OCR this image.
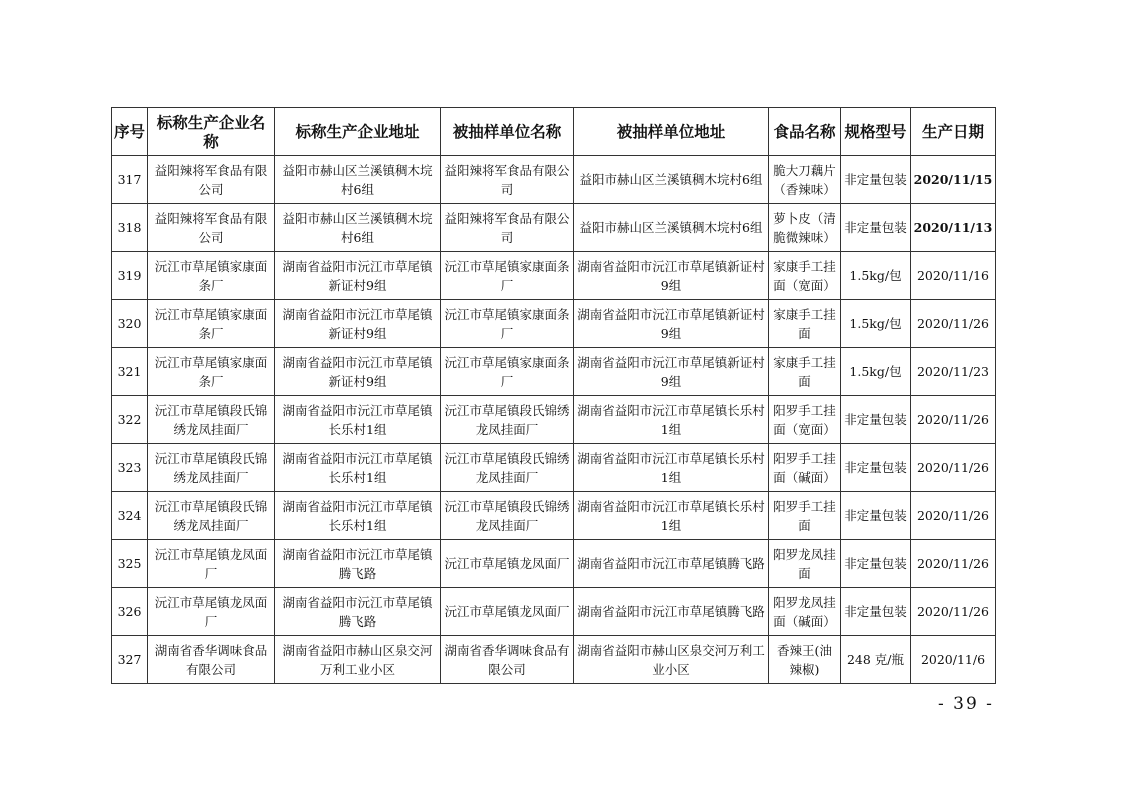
序号	标称生产企业名称	标称生产企业地址	被抽样单位名称	被抽样单位地址	食品名称	规格型号	生产日期
317	益阳辣将军食品有限公司	益阳市赫山区兰溪镇稠木垸村6组	益阳辣将军食品有限公司	益阳市赫山区兰溪镇稠木垸村6组	脆大刀藕片（香辣味）	非定量包装	2020/11/15
318	益阳辣将军食品有限公司	益阳市赫山区兰溪镇稠木垸村6组	益阳辣将军食品有限公司	益阳市赫山区兰溪镇稠木垸村6组	萝卜皮（清脆微辣味）	非定量包装	2020/11/13
319	沅江市草尾镇家康面条厂	湖南省益阳市沅江市草尾镇新证村9组	沅江市草尾镇家康面条厂	湖南省益阳市沅江市草尾镇新证村9组	家康手工挂面（宽面）	1.5kg/包	2020/11/16
320	沅江市草尾镇家康面条厂	湖南省益阳市沅江市草尾镇新证村9组	沅江市草尾镇家康面条厂	湖南省益阳市沅江市草尾镇新证村9组	家康手工挂面	1.5kg/包	2020/11/26
321	沅江市草尾镇家康面条厂	湖南省益阳市沅江市草尾镇新证村9组	沅江市草尾镇家康面条厂	湖南省益阳市沅江市草尾镇新证村9组	家康手工挂面	1.5kg/包	2020/11/23
322	沅江市草尾镇段氏锦绣龙凤挂面厂	湖南省益阳市沅江市草尾镇长乐村1组	沅江市草尾镇段氏锦绣龙凤挂面厂	湖南省益阳市沅江市草尾镇长乐村1组	阳罗手工挂面（宽面）	非定量包装	2020/11/26
323	沅江市草尾镇段氏锦绣龙凤挂面厂	湖南省益阳市沅江市草尾镇长乐村1组	沅江市草尾镇段氏锦绣龙凤挂面厂	湖南省益阳市沅江市草尾镇长乐村1组	阳罗手工挂面（碱面）	非定量包装	2020/11/26
324	沅江市草尾镇段氏锦绣龙凤挂面厂	湖南省益阳市沅江市草尾镇长乐村1组	沅江市草尾镇段氏锦绣龙凤挂面厂	湖南省益阳市沅江市草尾镇长乐村1组	阳罗手工挂面	非定量包装	2020/11/26
325	沅江市草尾镇龙凤面厂	湖南省益阳市沅江市草尾镇腾飞路	沅江市草尾镇龙凤面厂	湖南省益阳市沅江市草尾镇腾飞路	阳罗龙凤挂面	非定量包装	2020/11/26
326	沅江市草尾镇龙凤面厂	湖南省益阳市沅江市草尾镇腾飞路	沅江市草尾镇龙凤面厂	湖南省益阳市沅江市草尾镇腾飞路	阳罗龙凤挂面（碱面）	非定量包装	2020/11/26
327	湖南省香华调味食品有限公司	湖南省益阳市赫山区泉交河万利工业小区	湖南省香华调味食品有限公司	湖南省益阳市赫山区泉交河万利工业小区	香辣王(油辣椒)	248 克/瓶	2020/11/6
- 39 -
